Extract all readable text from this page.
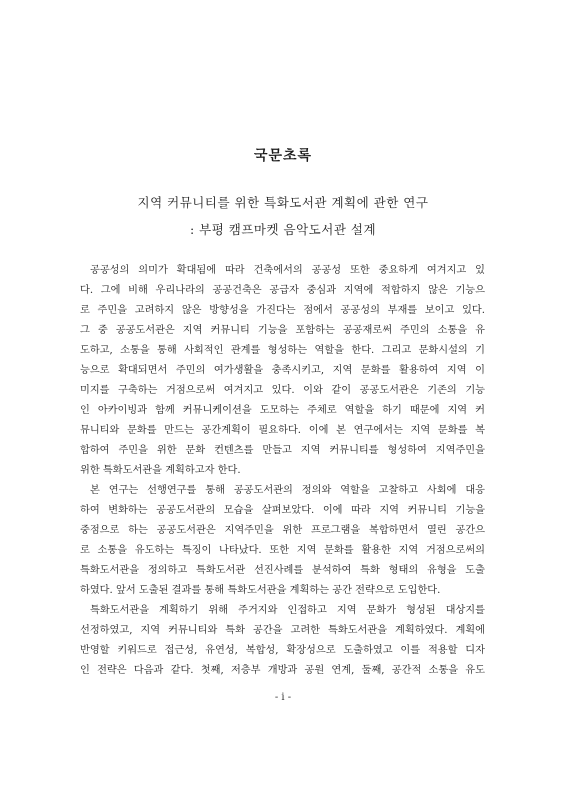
국문초록
지역 커뮤니티를 위한 특화도서관 계획에 관한 연구
: 부평 캠프마켓 음악도서관 설계
공공성의 의미가 확대됨에 따라 건축에서의 공공성 또한 중요하게 여겨지고 있
다. 그에 비해 우리나라의 공공건축은 공급자 중심과 지역에 적합하지 않은 기능으
로 주민을 고려하지 않은 방향성을 가진다는 점에서 공공성의 부재를 보이고 있다.
그 중 공공도서관은 지역 커뮤니티 기능을 포함하는 공공재로써 주민의 소통을 유
도하고, 소통을 통해 사회적인 관계를 형성하는 역할을 한다. 그리고 문화시설의 기
능으로 확대되면서 주민의 여가생활을 충족시키고, 지역 문화를 활용하여 지역 이
미지를 구축하는 거점으로써 여겨지고 있다. 이와 같이 공공도서관은 기존의 기능
인 아카이빙과 함께 커뮤니케이션을 도모하는 주체로 역할을 하기 때문에 지역 커
뮤니티와 문화를 만드는 공간계획이 필요하다. 이에 본 연구에서는 지역 문화를 복
합하여 주민을 위한 문화 컨텐츠를 만들고 지역 커뮤니티를 형성하여 지역주민을
위한 특화도서관을 계획하고자 한다.
본 연구는 선행연구를 통해 공공도서관의 정의와 역할을 고찰하고 사회에 대응
하여 변화하는 공공도서관의 모습을 살펴보았다. 이에 따라 지역 커뮤니티 기능을
중점으로 하는 공공도서관은 지역주민을 위한 프로그램을 복합하면서 열린 공간으
로 소통을 유도하는 특징이 나타났다. 또한 지역 문화를 활용한 지역 거점으로써의
특화도서관을 정의하고 특화도서관 선진사례를 분석하여 특화 형태의 유형을 도출
하였다. 앞서 도출된 결과를 통해 특화도서관을 계획하는 공간 전략으로 도입한다.
특화도서관을 계획하기 위해 주거지와 인접하고 지역 문화가 형성된 대상지를
선정하였고, 지역 커뮤니티와 특화 공간을 고려한 특화도서관을 계획하였다. 계획에
반영할 키워드로 접근성, 유연성, 복합성, 확장성으로 도출하였고 이를 적용할 디자
인 전략은 다음과 같다. 첫째, 저층부 개방과 공원 연계, 둘째, 공간적 소통을 유도
- i -
